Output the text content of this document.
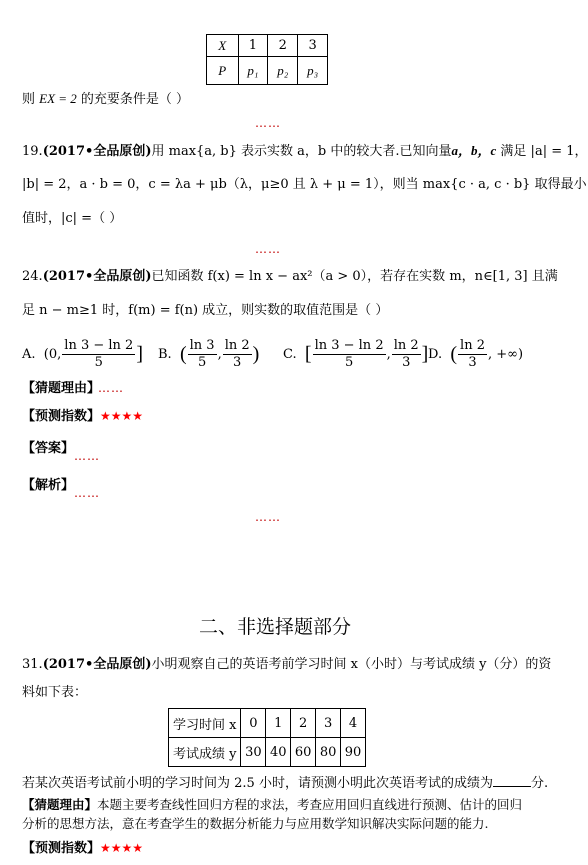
X	1	2	3
P	p₁	p₂	p₃
则 EX = 2 的充要条件是（ ）
……
19.(2017•全品原创)用 max{a, b} 表示实数 a，b 中的较大者.已知向量a，b，c 满足 |a| = 1，
|b| = 2，a · b = 0，c = λa + μb（λ，μ≥0 且 λ + μ = 1），则当 max{c · a, c · b} 取得最小
值时，|c| =（ ）
……
24.(2017•全品原创)已知函数 f(x) = ln x − ax²（a > 0），若存在实数 m，n∈[1, 3] 且满
足 n − m≥1 时，f(m) = f(n) 成立，则实数的取值范围是（ ）
A.
(0, $\frac{\ln 3 - \ln 2}{5}$ ] B.
( $\frac{\ln 3}{5}$ , $\frac{\ln 2}{3}$ ) C.
[ $\frac{\ln 3 - \ln 2}{5}$ , $\frac{\ln 2}{3}$ ] D.
( $\frac{\ln 2}{3}$ , +∞)
【猜题理由】
……
【预测指数】★★★★
【答案】 ……
【解析】 ……
……
二、非选择题部分
31.(2017•全品原创)小明观察自己的英语考前学习时间 x（小时）与考试成绩 y（分）的资
料如下表：
学习时间 x	0	1	2	3	4
考试成绩 y	30	40	60	80	90
若某次英语考试前小明的学习时间为 2.5 小时，请预测小明此次英语考试的成绩为	分.
【猜题理由】本题主要考查线性回归方程的求法，考查应用回归直线进行预测、估计的回归
分析的思想方法，意在考查学生的数据分析能力与应用数学知识解决实际问题的能力.
【预测指数】★★★★
